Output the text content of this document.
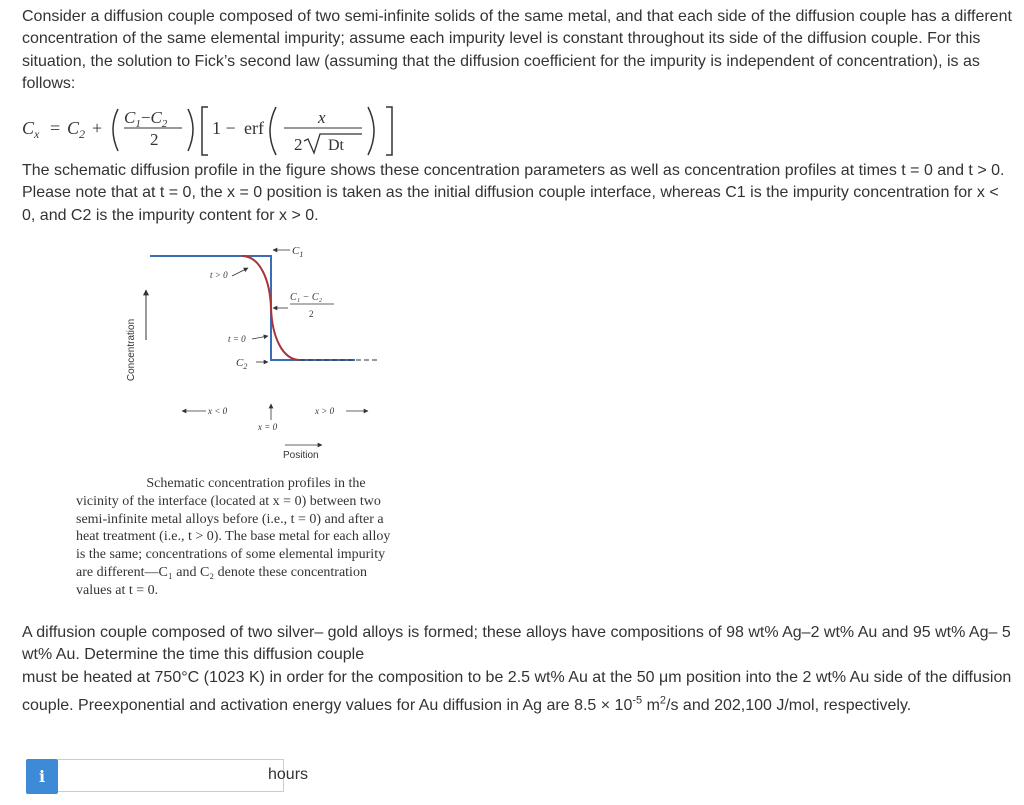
Consider a diffusion couple composed of two semi-infinite solids of the same metal, and that each side of the diffusion couple has a different concentration of the same elemental impurity; assume each impurity level is constant throughout its side of the diffusion couple. For this situation, the solution to Fick’s second law (assuming that the diffusion coefficient for the impurity is independent of concentration), is as follows:

$C_x = C_2$ +
$C_1-C_2$
2
1 − erf
x
2 Dt

The schematic diffusion profile in the figure shows these concentration parameters as well as concentration profiles at times t = 0 and t > 0. Please note that at t = 0, the x = 0 position is taken as the initial diffusion couple interface, whereas C1 is the impurity concentration for x < 0, and C2 is the impurity content for x > 0.

Concentration
$C_1$
t > 0
C₁ − C₂
2
t = 0
$C_2$
x < 0
x = 0
x > 0
Position
Schematic concentration profiles in the
vicinity of the interface (located at x = 0) between two
semi-infinite metal alloys before (i.e., t = 0) and after a
heat treatment (i.e., t > 0). The base metal for each alloy
is the same; concentrations of some elemental impurity
are different—C₁ and C₂ denote these concentration
values at t = 0.
A diffusion couple composed of two silver– gold alloys is formed; these alloys have compositions of 98 wt% Ag–2 wt% Au and 95 wt% Ag– 5 wt% Au. Determine the time this diffusion couple
must be heated at 750°C (1023 K) in order for the composition to be 2.5 wt% Au at the 50 μm position into the 2 wt% Au side of the diffusion couple. Preexponential and activation energy values for Au diffusion in Ag are $8.5 \times 10^{-5}$ $m^2/s$ and 202,100 J/mol, respectively.
i	hours
